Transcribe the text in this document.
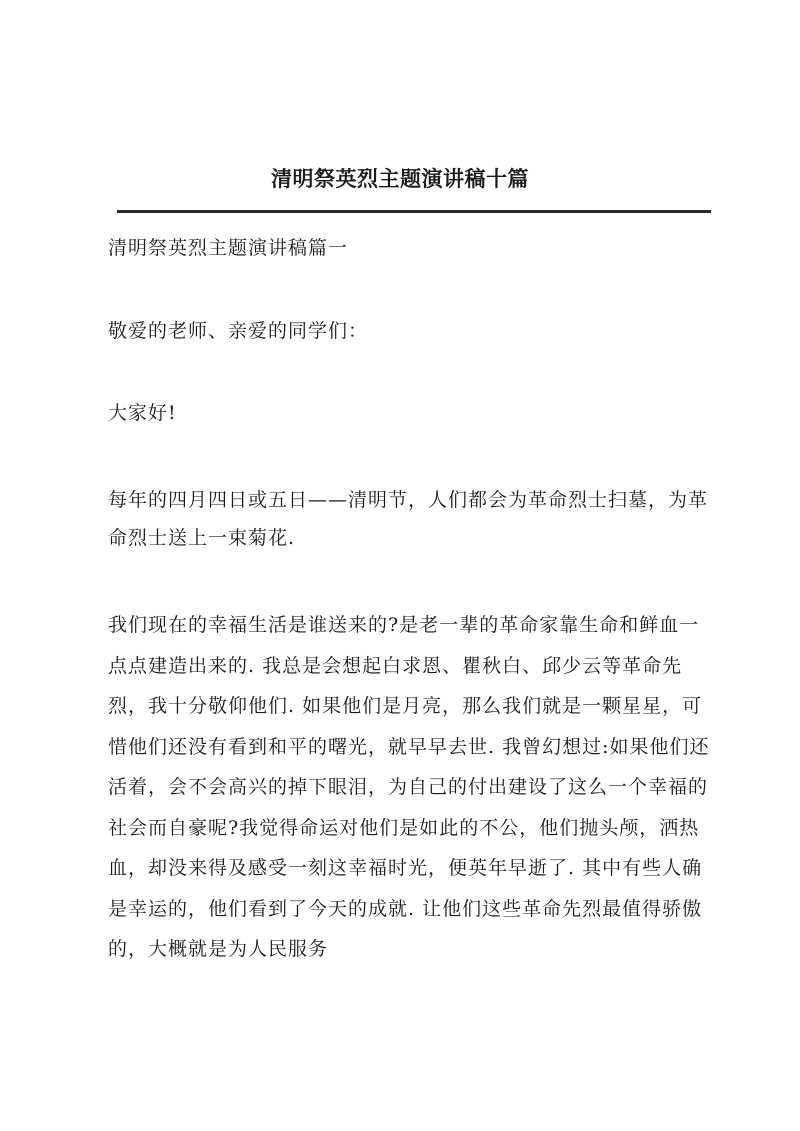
清明祭英烈主题演讲稿十篇

清明祭英烈主题演讲稿篇一

敬爱的老师、亲爱的同学们：

大家好!

每年的四月四日或五日——清明节，人们都会为革命烈士扫墓，为革命烈士送上一束菊花.

我们现在的幸福生活是谁送来的?是老一辈的革命家靠生命和鲜血一点点建造出来的. 我总是会想起白求恩、瞿秋白、邱少云等革命先烈，我十分敬仰他们. 如果他们是月亮，那么我们就是一颗星星，可惜他们还没有看到和平的曙光，就早早去世. 我曾幻想过:如果他们还活着，会不会高兴的掉下眼泪，为自己的付出建设了这么一个幸福的社会而自豪呢?我觉得命运对他们是如此的不公，他们抛头颅，洒热血，却没来得及感受一刻这幸福时光，便英年早逝了. 其中有些人确是幸运的，他们看到了今天的成就. 让他们这些革命先烈最值得骄傲的，大概就是为人民服务
